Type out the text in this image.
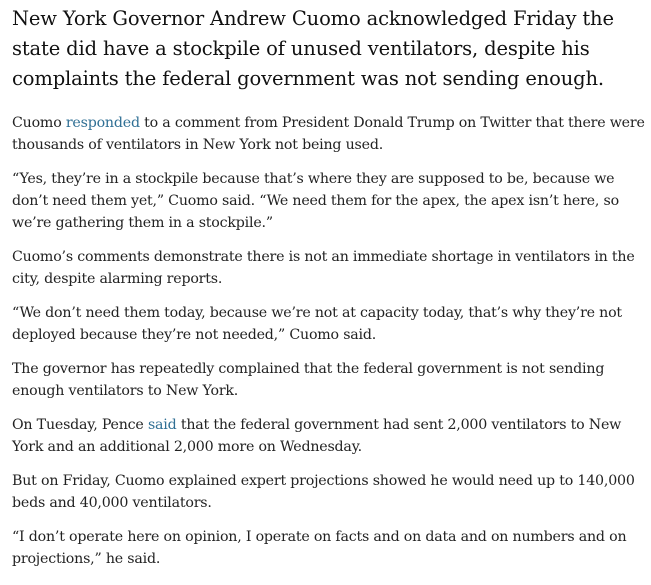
New York Governor Andrew Cuomo acknowledged Friday the state did have a stockpile of unused ventilators, despite his complaints the federal government was not sending enough.

Cuomo responded to a comment from President Donald Trump on Twitter that there were thousands of ventilators in New York not being used.

“Yes, they’re in a stockpile because that’s where they are supposed to be, because we don’t need them yet,” Cuomo said. “We need them for the apex, the apex isn’t here, so we’re gathering them in a stockpile.”

Cuomo’s comments demonstrate there is not an immediate shortage in ventilators in the city, despite alarming reports.

“We don’t need them today, because we’re not at capacity today, that’s why they’re not deployed because they’re not needed,” Cuomo said.

The governor has repeatedly complained that the federal government is not sending enough ventilators to New York.

On Tuesday, Pence said that the federal government had sent 2,000 ventilators to New York and an additional 2,000 more on Wednesday.

But on Friday, Cuomo explained expert projections showed he would need up to 140,000 beds and 40,000 ventilators.

“I don’t operate here on opinion, I operate on facts and on data and on numbers and on projections,” he said.
